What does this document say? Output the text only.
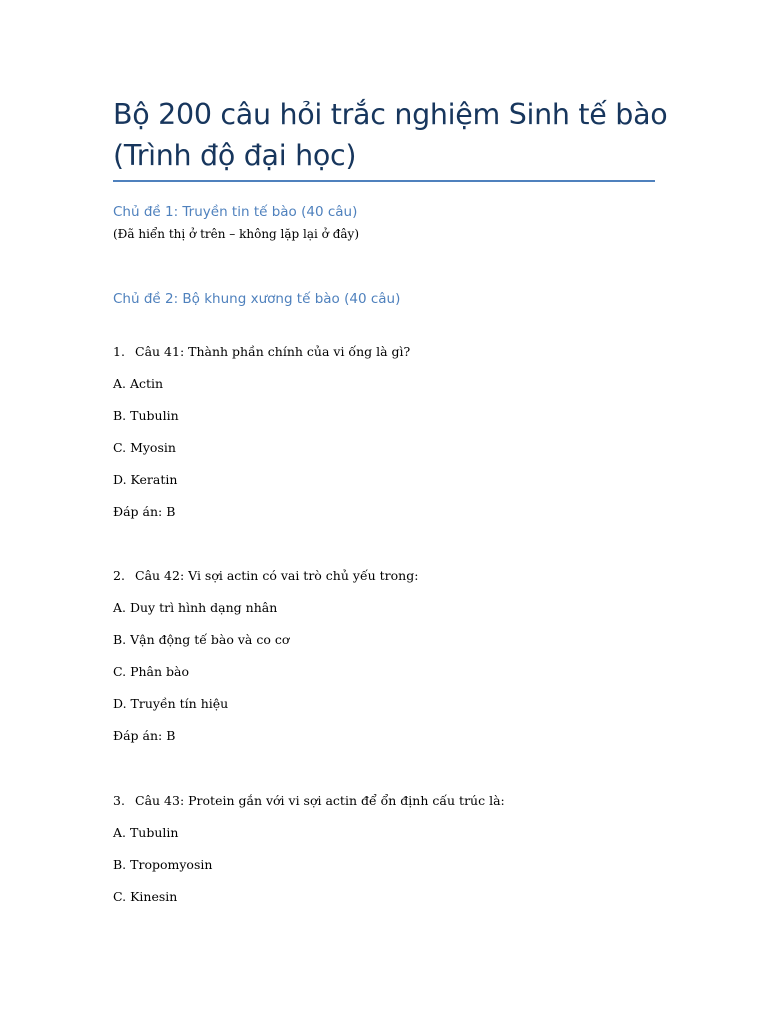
Bộ 200 câu hỏi trắc nghiệm Sinh tế bào
(Trình độ đại học)
Chủ đề 1: Truyền tin tế bào (40 câu)

(Đã hiển thị ở trên – không lặp lại ở đây)

Chủ đề 2: Bộ khung xương tế bào (40 câu)

1. Câu 41: Thành phần chính của vi ống là gì?

A. Actin

B. Tubulin

C. Myosin

D. Keratin

Đáp án: B

2. Câu 42: Vi sợi actin có vai trò chủ yếu trong:

A. Duy trì hình dạng nhân

B. Vận động tế bào và co cơ

C. Phân bào

D. Truyền tín hiệu

Đáp án: B

3. Câu 43: Protein gắn với vi sợi actin để ổn định cấu trúc là:

A. Tubulin

B. Tropomyosin

C. Kinesin
